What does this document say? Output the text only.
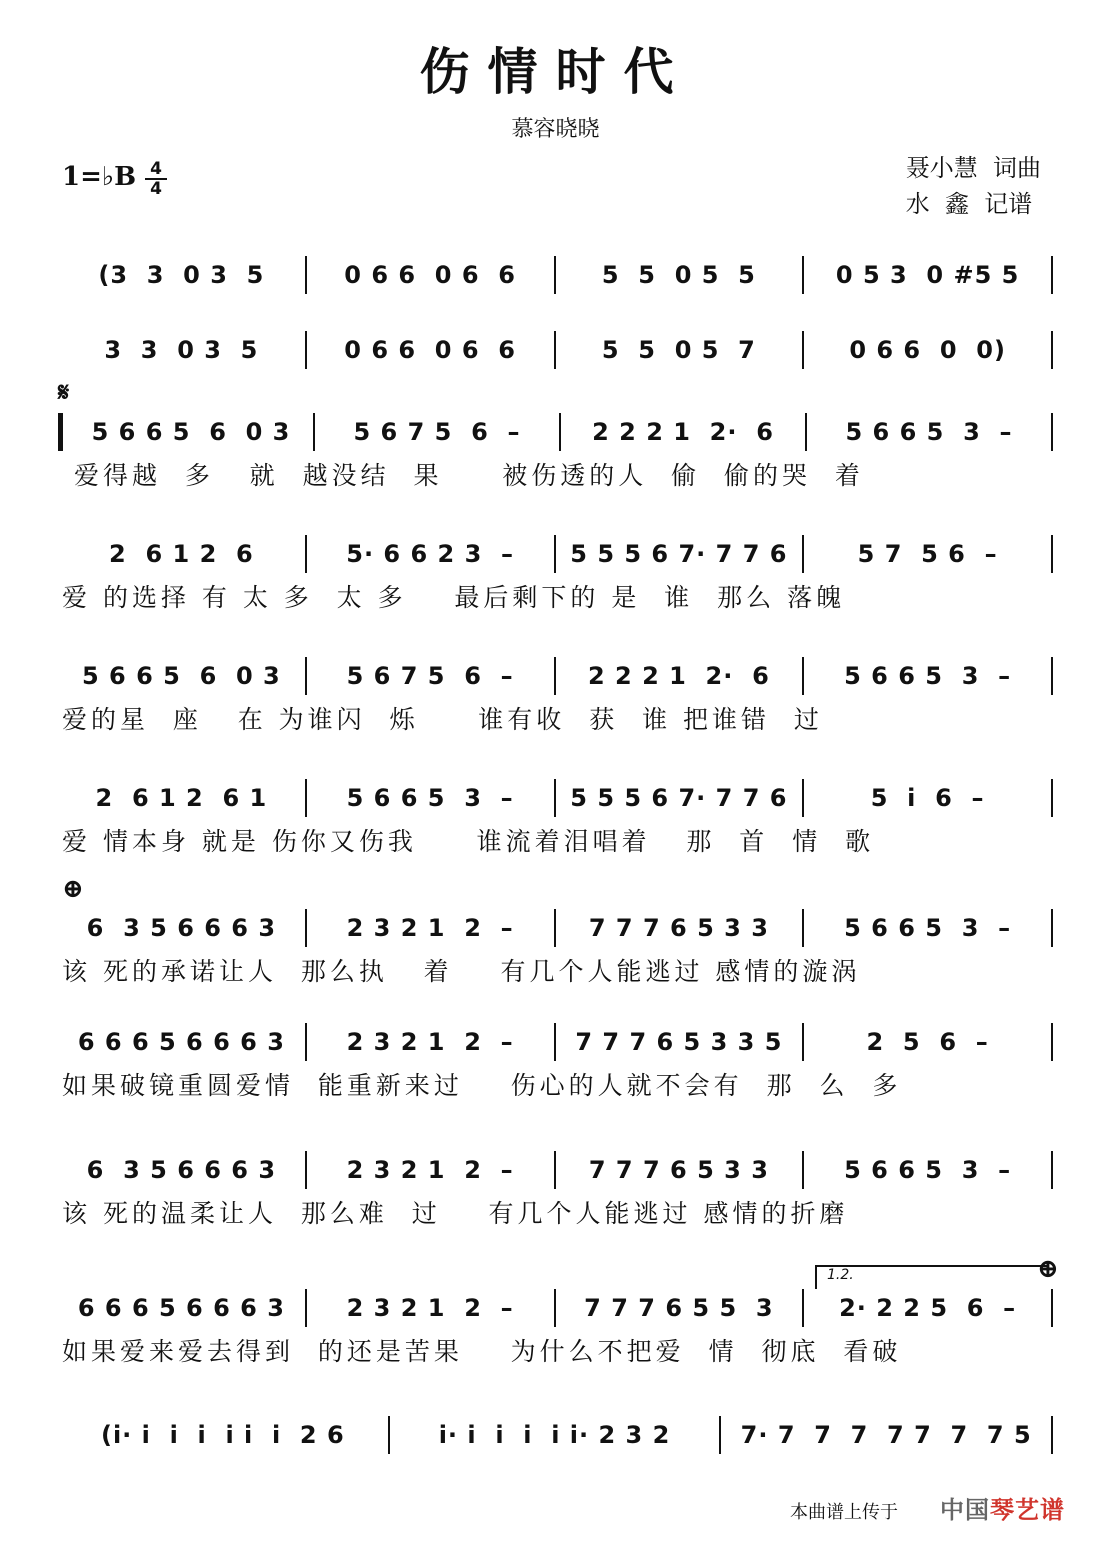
伤情时代
慕容晓晓
1=♭B 4
4
聂小慧  词曲
水  鑫  记谱
𝄋
⊕
⊕
1.2.
(3  3  0 3  5	0 6 6  0 6  6	5  5  0 5  5	0 5 3  0 #5 5
3  3  0 3  5	0 6 6  0 6  6	5  5  0 5  7	0 6 6  0  0)
5 6 6 5  6  0 3	5 6 7 5  6  –	2 2 2 1  2·  6	5 6 6 5  3  –
爱得越  多   就  越没结  果     被伤透的人  偷  偷的哭  着
2  6 1 2  6	5· 6 6 2 3  –	5 5 5 6 7· 7 7 6	5 7  5 6  –
爱 的选择 有 太 多  太 多    最后剩下的 是  谁  那么 落魄
5 6 6 5  6  0 3	5 6 7 5  6  –	2 2 2 1  2·  6	5 6 6 5  3  –
爱的星  座   在 为谁闪  烁     谁有收  获  谁 把谁错  过
2  6 1 2  6 1	5 6 6 5  3  –	5 5 5 6 7· 7 7 6	5  i  6  –
爱 情本身 就是 伤你又伤我     谁流着泪唱着   那  首  情  歌
6  3 5 6 6 6 3	2 3 2 1  2  –	7 7 7 6 5 3 3	5 6 6 5  3  –
该 死的承诺让人  那么执   着    有几个人能逃过 感情的漩涡
6 6 6 5 6 6 6 3	2 3 2 1  2  –	7 7 7 6 5 3 3 5	2  5  6  –
如果破镜重圆爱情  能重新来过    伤心的人就不会有  那  么  多
6  3 5 6 6 6 3	2 3 2 1  2  –	7 7 7 6 5 3 3	5 6 6 5  3  –
该 死的温柔让人  那么难  过    有几个人能逃过 感情的折磨
6 6 6 5 6 6 6 3	2 3 2 1  2  –	7 7 7 6 5 5  3	2· 2 2 5  6  –
如果爱来爱去得到  的还是苦果    为什么不把爱  情  彻底  看破
(i· i  i  i  i i  i  2 6	i· i  i  i  i i· 2 3 2	7· 7  7  7  7 7  7  7 5
本曲谱上传于 中国琴艺谱
